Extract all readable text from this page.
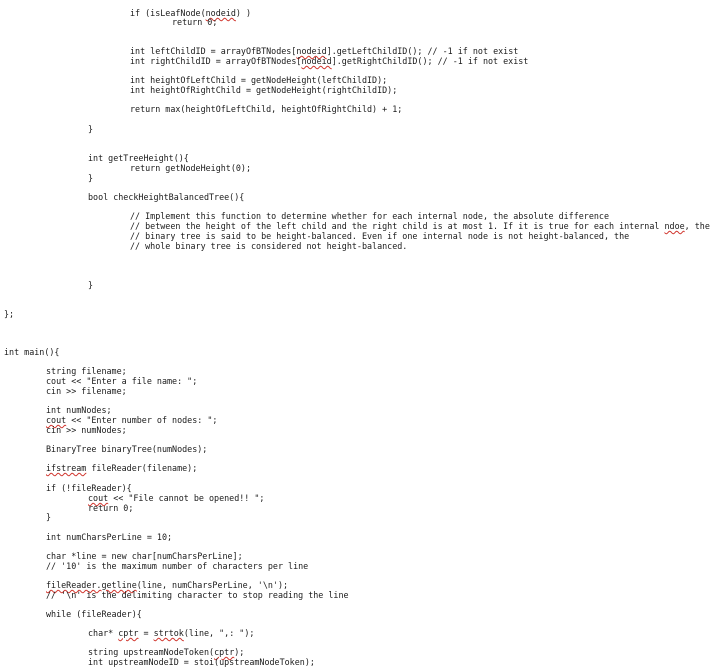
if (isLeafNode(nodeid) )
return 0;
int leftChildID = arrayOfBTNodes[nodeid].getLeftChildID(); // -1 if not exist
int rightChildID = arrayOfBTNodes[nodeid].getRightChildID(); // -1 if not exist
int heightOfLeftChild = getNodeHeight(leftChildID);
int heightOfRightChild = getNodeHeight(rightChildID);
return max(heightOfLeftChild, heightOfRightChild) + 1;
}
int getTreeHeight(){
return getNodeHeight(0);
}
bool checkHeightBalancedTree(){
// Implement this function to determine whether for each internal node, the absolute difference
// between the height of the left child and the right child is at most 1. If it is true for each internal ndoe, the
// binary tree is said to be height-balanced. Even if one internal node is not height-balanced, the
// whole binary tree is considered not height-balanced.
}
};
int main(){
string filename;
cout << "Enter a file name: ";
cin >> filename;
int numNodes;
cout << "Enter number of nodes: ";
cin >> numNodes;
BinaryTree binaryTree(numNodes);
ifstream fileReader(filename);
if (!fileReader){
cout << "File cannot be opened!! ";
return 0;
}
int numCharsPerLine = 10;
char *line = new char[numCharsPerLine];
// '10' is the maximum number of characters per line
fileReader.getline(line, numCharsPerLine, '\n');
// '\n' is the delimiting character to stop reading the line
while (fileReader){
char* cptr = strtok(line, ",: ");
string upstreamNodeToken(cptr);
int upstreamNodeID = stoi(upstreamNodeToken);
